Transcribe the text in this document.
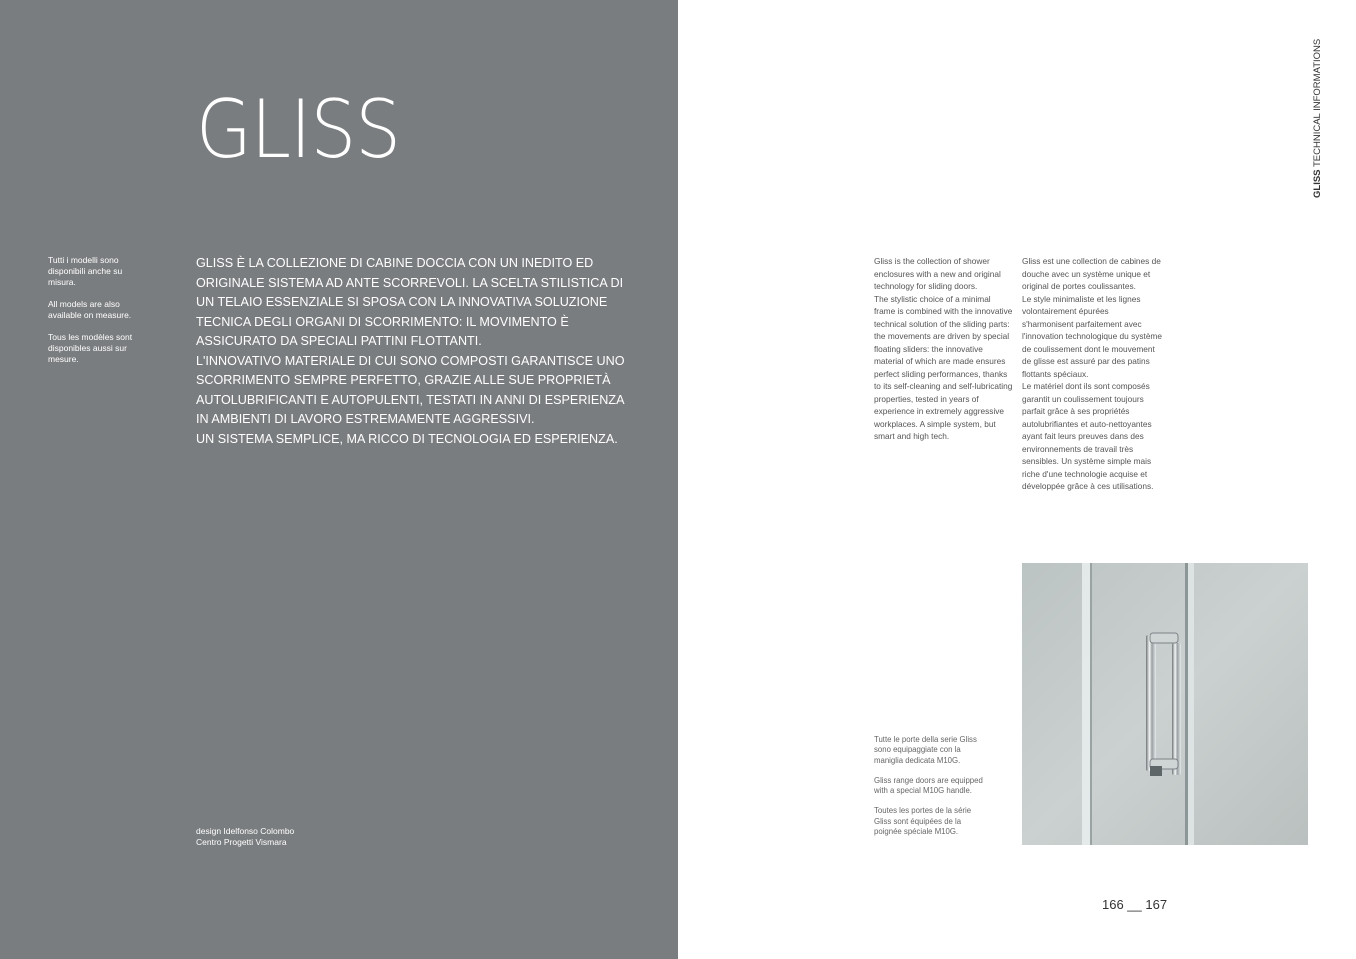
GLISS

Tutti i modelli sono disponibili anche su misura.

All models are also available on measure.

Tous les modèles sont disponibles aussi sur mesure.

GLISS È LA COLLEZIONE DI CABINE DOCCIA CON UN INEDITO ED ORIGINALE SISTEMA AD ANTE SCORREVOLI. LA SCELTA STILISTICA DI UN TELAIO ESSENZIALE SI SPOSA CON LA INNOVATIVA SOLUZIONE TECNICA DEGLI ORGANI DI SCORRIMENTO: IL MOVIMENTO È ASSICURATO DA SPECIALI PATTINI FLOTTANTI.
L'INNOVATIVO MATERIALE DI CUI SONO COMPOSTI GARANTISCE UNO SCORRIMENTO SEMPRE PERFETTO, GRAZIE ALLE SUE PROPRIETÀ AUTOLUBRIFICANTI E AUTOPULENTI, TESTATI IN ANNI DI ESPERIENZA IN AMBIENTI DI LAVORO ESTREMAMENTE AGGRESSIVI.
UN SISTEMA SEMPLICE, MA RICCO DI TECNOLOGIA ED ESPERIENZA.

design Idelfonso Colombo
Centro Progetti Vismara
GLISS TECHNICAL INFORMATIONS
Gliss is the collection of shower enclosures with a new and original technology for sliding doors.
The stylistic choice of a minimal frame is combined with the innovative technical solution of the sliding parts: the movements are driven by special floating sliders: the innovative material of which are made ensures perfect sliding performances, thanks to its self-cleaning and self-lubricating properties, tested in years of experience in extremely aggressive workplaces. A simple system, but smart and high tech.
Gliss est une collection de cabines de douche avec un système unique et original de portes coulissantes.
Le style minimaliste et les lignes volontairement épurées s'harmonisent parfaitement avec l'innovation technologique du système de coulissement dont le mouvement de glisse est assuré par des patins flottants spéciaux.
Le matériel dont ils sont composés garantit un coulissement toujours parfait grâce à ses propriétés autolubrifiantes et auto-nettoyantes ayant fait leurs preuves dans des environnements de travail très sensibles. Un système simple mais riche d'une technologie acquise et développée grâce à ces utilisations.

Tutte le porte della serie Gliss sono equipaggiate con la maniglia dedicata M10G.

Gliss range doors are equipped with a special M10G handle.

Toutes les portes de la série Gliss sont équipées de la poignée spéciale M10G.

166 __ 167
